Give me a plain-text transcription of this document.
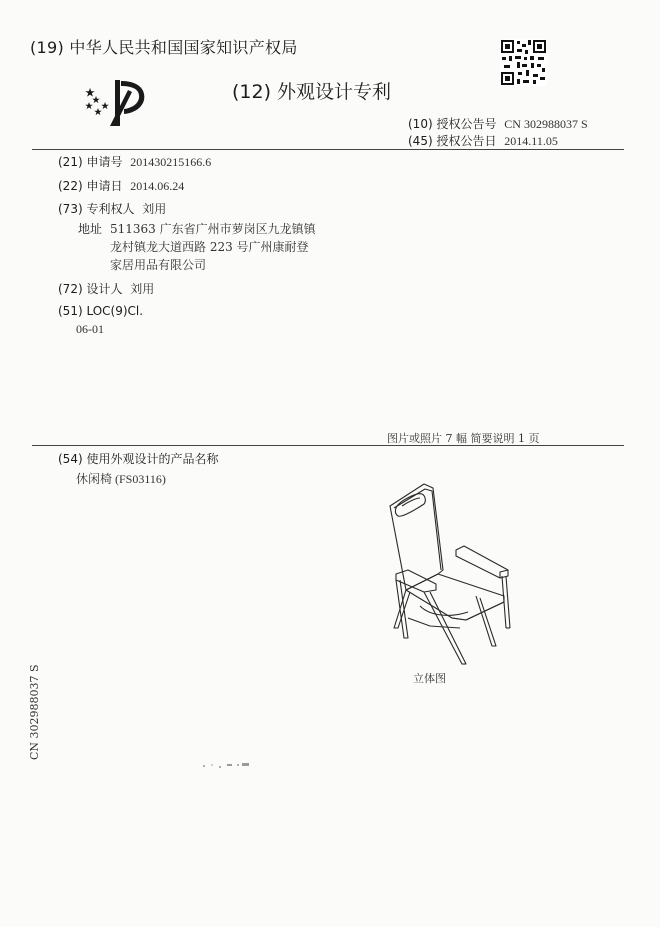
(19) 中华人民共和国国家知识产权局
(12) 外观设计专利
(10) 授权公告号 CN 302988037 S
(45) 授权公告日 2014.11.05
(21) 申请号 201430215166.6
(22) 申请日 2014.06.24
(73) 专利权人 刘用
地址 511363 广东省广州市萝岗区九龙镇镇
龙村镇龙大道西路 223 号广州康耐登
家居用品有限公司
(72) 设计人 刘用
(51) LOC(9)Cl.
06-01
图片或照片 7 幅 简要说明 1 页
(54) 使用外观设计的产品名称
休闲椅 (FS03116)
立体图
CN 302988037 S
